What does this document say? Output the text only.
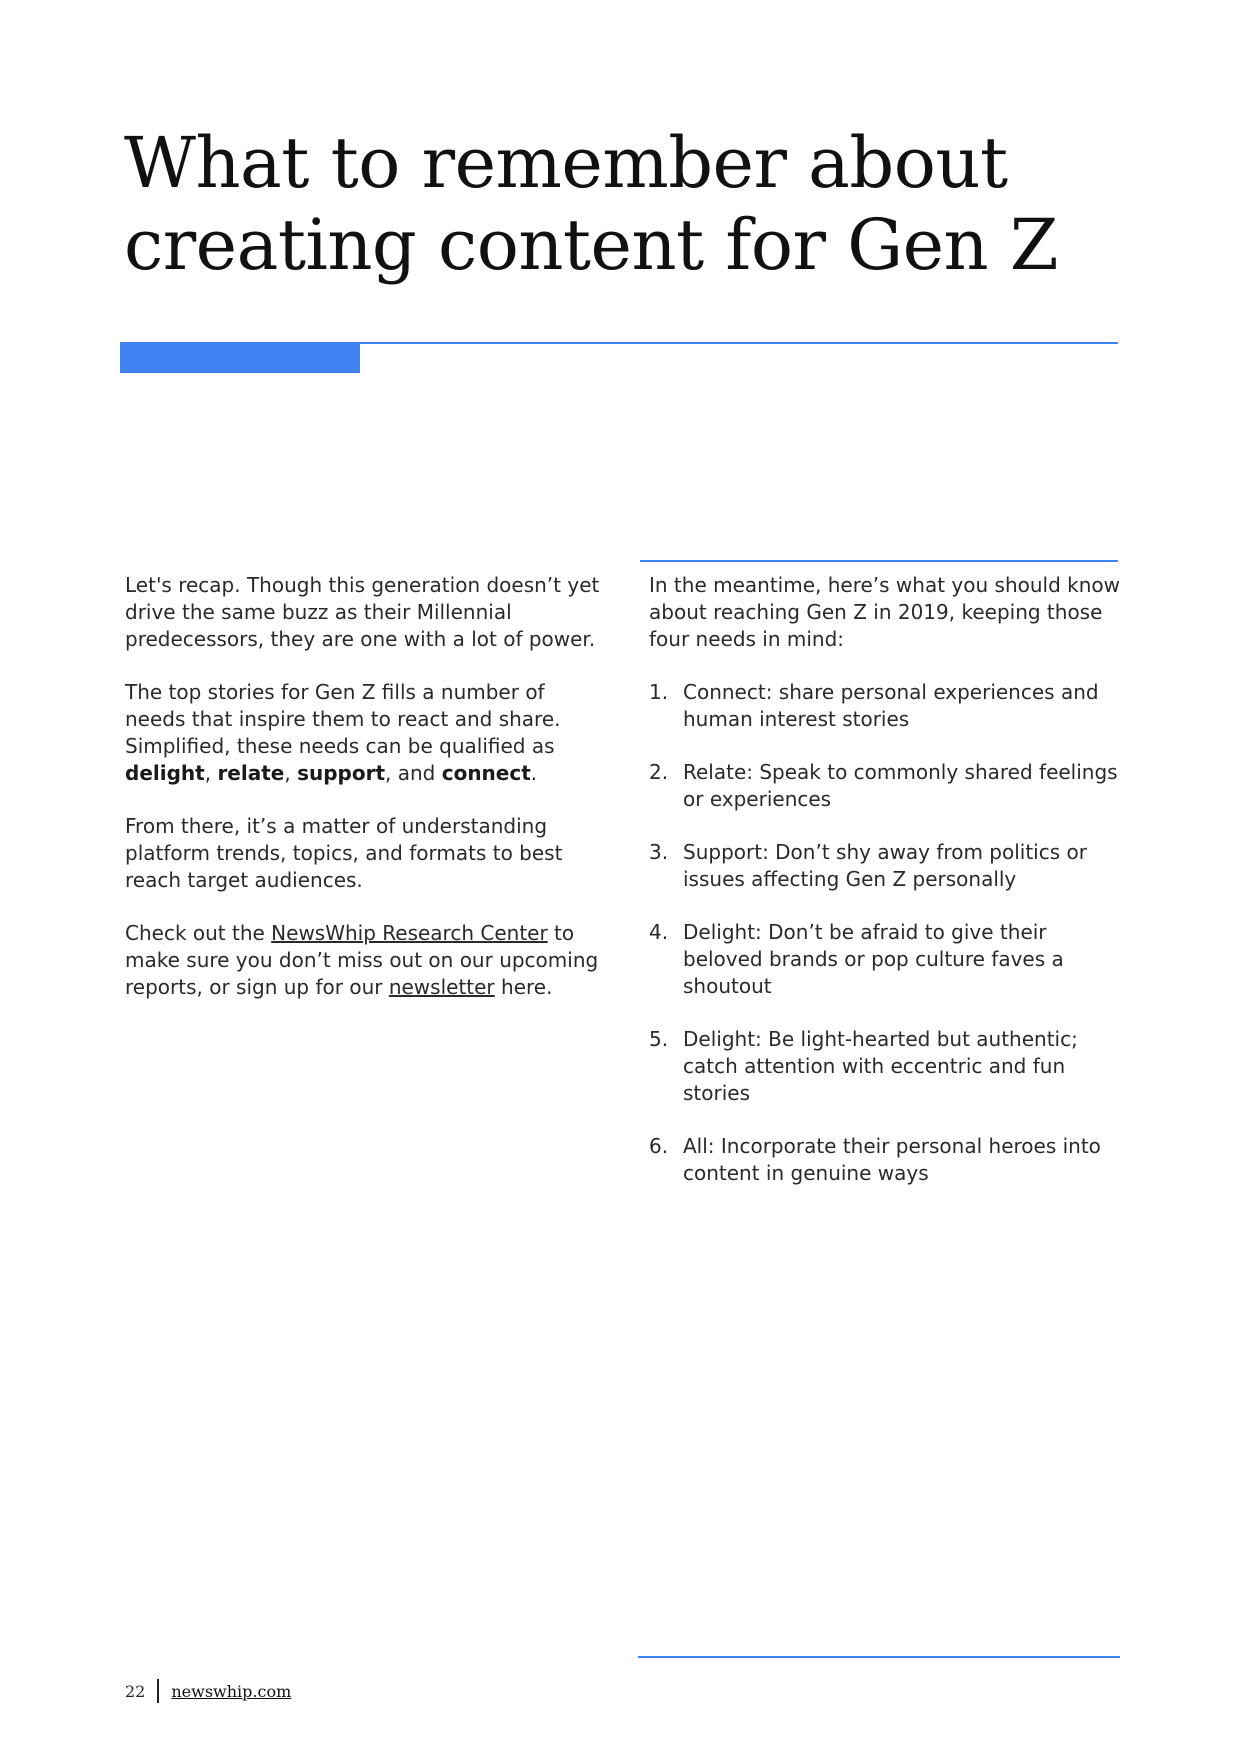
What to remember about
creating content for Gen Z

Let's recap. Though this generation doesn’t yet drive the same buzz as their Millennial predecessors, they are one with a lot of power.

The top stories for Gen Z fills a number of needs that inspire them to react and share. Simplified, these needs can be qualified as delight, relate, support, and connect.

From there, it’s a matter of understanding platform trends, topics, and formats to best reach target audiences.

Check out the NewsWhip Research Center to make sure you don’t miss out on our upcoming reports, or sign up for our newsletter here.

In the meantime, here’s what you should know about reaching Gen Z in 2019, keeping those four needs in mind:

1. Connect: share personal experiences and human interest stories
2. Relate: Speak to commonly shared feelings or experiences
3. Support: Don’t shy away from politics or issues affecting Gen Z personally
4. Delight: Don’t be afraid to give their beloved brands or pop culture faves a shoutout
5. Delight: Be light-hearted but authentic; catch attention with eccentric and fun stories
6. All: Incorporate their personal heroes into content in genuine ways
22 newswhip.com
